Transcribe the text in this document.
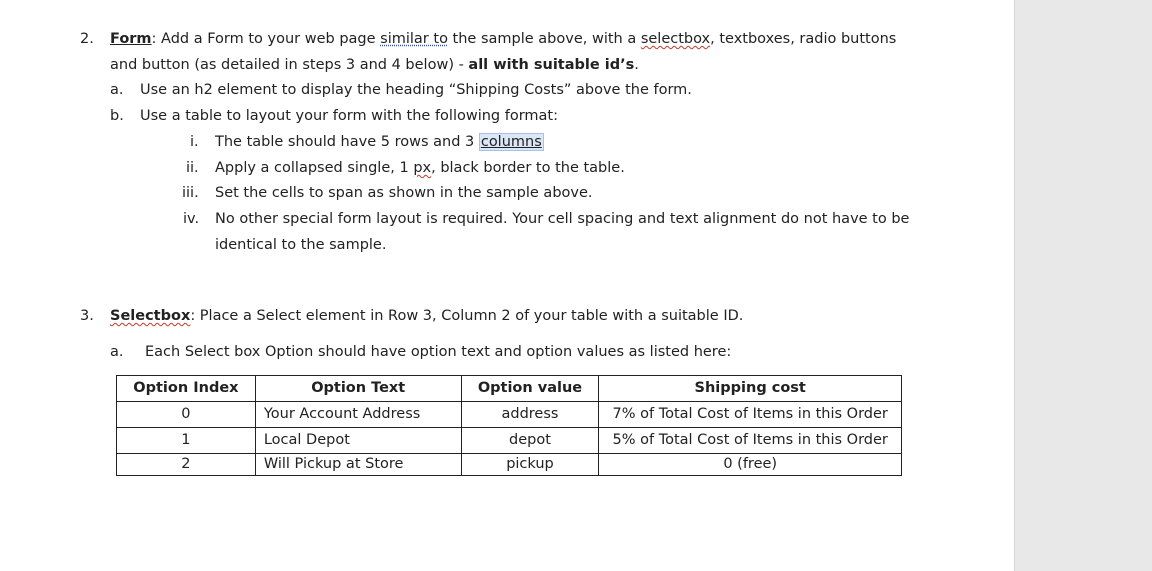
2. Form: Add a Form to your web page similar to the sample above, with a selectbox, textboxes, radio buttons
and button (as detailed in steps 3 and 4 below) - all with suitable id’s.
a. Use an h2 element to display the heading “Shipping Costs” above the form.
b. Use a table to layout your form with the following format:
i. The table should have 5 rows and 3 columns
ii. Apply a collapsed single, 1 px, black border to the table.
iii. Set the cells to span as shown in the sample above.
iv. No other special form layout is required. Your cell spacing and text alignment do not have to be
identical to the sample.
3. Selectbox: Place a Select element in Row 3, Column 2 of your table with a suitable ID.
a. Each Select box Option should have option text and option values as listed here:
Option Index	Option Text	Option value	Shipping cost
0	Your Account Address	address	7% of Total Cost of Items in this Order
1	Local Depot	depot	5% of Total Cost of Items in this Order
2	Will Pickup at Store	pickup	0 (free)
